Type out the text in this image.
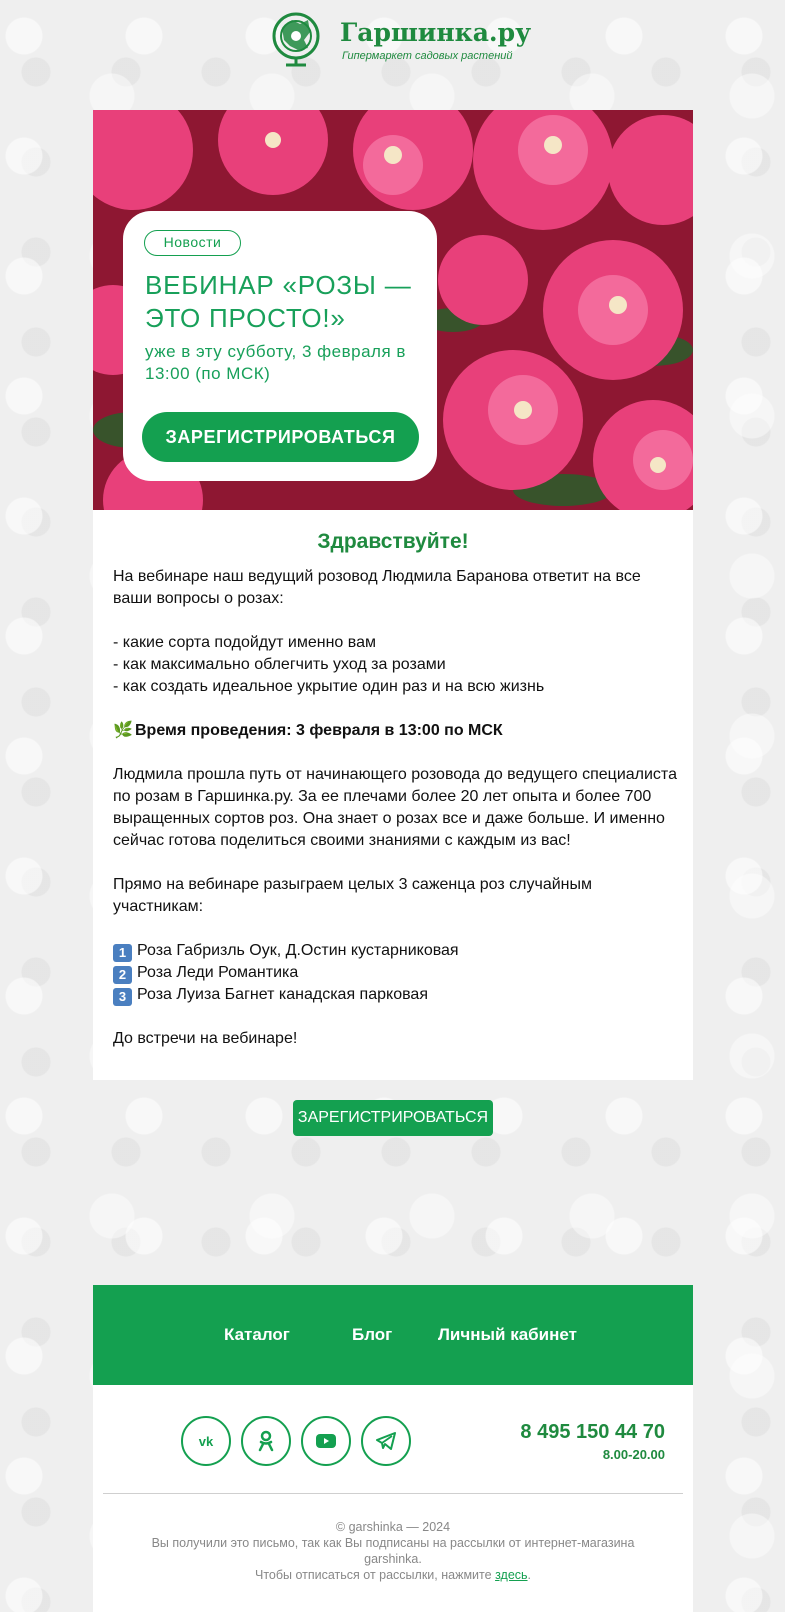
Гаршинка.ру
Гипермаркет садовых растений
Новости
ВЕБИНАР «РОЗЫ — ЭТО ПРОСТО!»
уже в эту субботу, 3 февраля в 13:00 (по МСК)
ЗАРЕГИСТРИРОВАТЬСЯ
Здравствуйте!

На вебинаре наш ведущий розовод Людмила Баранова ответит на все ваши вопросы о розах:

- какие сорта подойдут именно вам

- как максимально облегчить уход за розами

- как создать идеальное укрытие один раз и на всю жизнь

🌿 Время проведения: 3 февраля в 13:00 по МСК

Людмила прошла путь от начинающего розовода до ведущего специалиста по розам в Гаршинка.ру. За ее плечами более 20 лет опыта и более 700 выращенных сортов роз. Она знает о розах все и даже больше. И именно сейчас готова поделиться своими знаниями с каждым из вас!

Прямо на вебинаре разыграем целых 3 саженца роз случайным участникам:

1 Роза Габризль Оук, Д.Остин кустарниковая

2 Роза Леди Романтика

3 Роза Луиза Багнет канадская парковая

До встречи на вебинаре!

ЗАРЕГИСТРИРОВАТЬСЯ
Каталог	Блог	Личный кабинет
vk	8 495 150 44 70
8.00-20.00
© garshinka — 2024
Вы получили это письмо, так как Вы подписаны на рассылки от интернет-магазина garshinka.
Чтобы отписаться от рассылки, нажмите здесь.
